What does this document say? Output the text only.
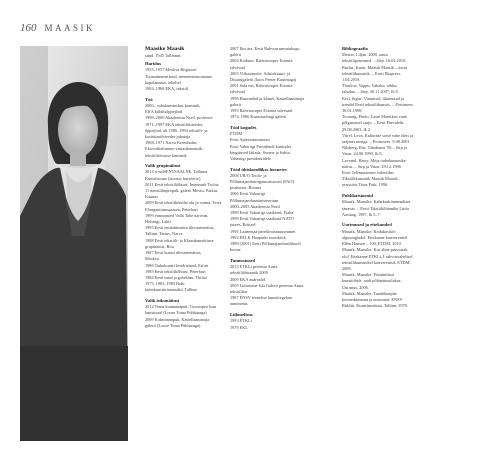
160 MAASIK
Maasike Maasik
sünd. 1945 Tallinnas
Haridus
1955–1957 Moskva Riigiooni
Toomatmenetlusel, menetmetnosmame
kapelannase, tekeltel
1963–1968 EKA, tekstiil
Töö
2000– vabakunstnikus kunstnik,
EKA külalisõppejõud
1999–2000 Akadeemia Nord, professor
1971–1997 EKA tekstiiliõsteeder,
õppejõud, alt 1986–1994 tekstiili- ja
kostüümiõsteeder juhataja
1968–1971 Narva Kreenholm,
Eksootikalinnase vastastkunstnik,
tekstiiltööstuse kunstnik
Valik grupinäitusi
2014 n>ndSENTSAALNE, Tallinna
Kunstihoone (tsoosse kurseeriv)
2011 Eesti tekstiiliõhtust, Imennash Tschia
11 metsüllmpropalt, galerii Mestsc Parkas,
Kaunas
2009 Eesti tekstiiliõnõlst olu ja vaimu, Terra
Elongantiasmusaum, Peterburi
1999 eüsmonaed Valla Tabe narivan,
Helsingi, Lahti
1993 Eesti emitahtmnisn ülevaatenäitus,
Tallinn, Tartus, Narva
1988 Eesti tekstiili- ja Klaastkunstitiuse
grupinäitus, Riia
1987 Eesti kunsti ülevaatenäitus,
Moskva
1986 Tarbekunsti kvadrienaal, Erfurt
1985 Eesti tekstiiliõhtust, Peterburi
1984 Eesti maal ja gobeläan, Tbilisi
1975, 1983, 1985 Balti
tarbekunstitriennaalid, Tallinn
Valik isikunäitusi
2012 Toma kuinnanapuk, Tooompea loan
kunstisaal (Loose Toma Pühharaga)
2009 Kolmnnanpuk, Kastellaanimaja
galerii (Loose Toma Pühharaga)
2007 Ilus ära, Eesti Rahvusraamatukogu
galerii
2004 Koduter, Rahvusooper Estonia
talvesaal
2003 Viibastmoile, Arhitektuuri- ja
Disainigalerii (koos Peeter Kuutmaga)
2001 Sala eas, Rahvusooper Estonia
talvesaal
1996 Haavanõul ja kõmel, Kastellaanimaja
galerii
1993 Rahvusooper Estonia talvesaal
1974, 1986 Kunstisalongi galerii
Töid kogudes
ETDM
Eesti Apteeramuuseum
Eesti Vabariigi Presidendi kantselei
kingitused lätiada, Soome ja Saksa
Vabariigi presidentidele
Tööd ühiskondlikes hoonetes
2008 UR/O Toolu- ja
Põllumajandusorganisatsiooni (FAO)
peahoone, Rooma
2006 Eesti Vabariigi
Põllumajandusministeerium
2000–2005 Akadeemia Nord
1999 Eesti Vabariigi saatkond, Praha
1999 Eesti Vabariigi saatkond NATO
juures, Brüssel
1995 Laanemaa pereliimismuuseumet
1992 EELK Haapsalu toomkirik
1989 (2001) Eesti Põllumajandusülikooli
hoone
Tunnustused
2013 ETKLi preemia Aasta
tekstiiliõhtunnik 2009
2009 EKA auärealid
2005 Lühuiseue Isla Galerii preemia Aasta
tekstiiltiar
1987 ENSV teenelise kunstitegelase
aunimetus
Liikmelisus
1993 ETKLi
1979 EKL
Bibliograafia
Mester, Liljan. 2009. aasta
tekstiiliprammed. – Sirp. 16.04.2010.
Paulus, Karin. Maasik Maasik – aasta
tekstiilikunstnik. – Eesti Ekspress.
1.04.2010.
Thurlow, Vappu. Vahaku, rahku,
rahuluo. – Sirp. 30.11.2007, lk 8.
Kivi, Signe. Vinutusid, ülaremtud ja
trendid Eesti tekstiilikunstis. – Postimees.
30.01.1998.
Toonurg, Pindo. Laste Maasikus vaab
põlgamusel raaju. – Eesti Päevaleht.
29.08.2003, lk 2.
Viirel, Leva. Kulturine sotsë vabe ideis ja
raajmet menga. – Postimees. 9.08.2001.
Nilsberg, Ebe. Tabakunst '90 – Sirp ja
Vasar. 24.06.1990, lk 8.
Lavrand, Harry. Moja tarbekunstnike
näitus. – Sirp ja Vasar. 29.12.1986.
Eesti Telemuuseum videofilm.
Tikstiilikunstnik Maasik Maasik,
rezissöör Tiina Park, 1996.
Publikatsioonid
Maasik, Maasike. Kaheksakümnendiaet
tänavas. – Eesti Tikstiiliõhtunike Liidu
Aastaag. 1997, lk 5–7.
Uurimused ja ettekanded
Maasik, Maasike. Kodukäsitöö
alguseagiadel. Ettekanne konverentsil
Ellen Hansen – 100, ETDM, 2010.
Maasik, Maasike. Kus ähne prüsvatab
olu? Ettekanne ETKLi, Ⅰ rahvusvahelisel
tekstiilikunstnikel konverentsil, ETDM,
2008.
Maasik, Maasike. Printimliisti
kunstiobelt- raali põhinäitusilakus.
Uurimus, 2006.
Maasik, Maasike. Tuudeknapite
kavenskimeunt ja nostuurat. ENSV
Riikliit. Kunstiinstituut. Tallinn, 1978.
